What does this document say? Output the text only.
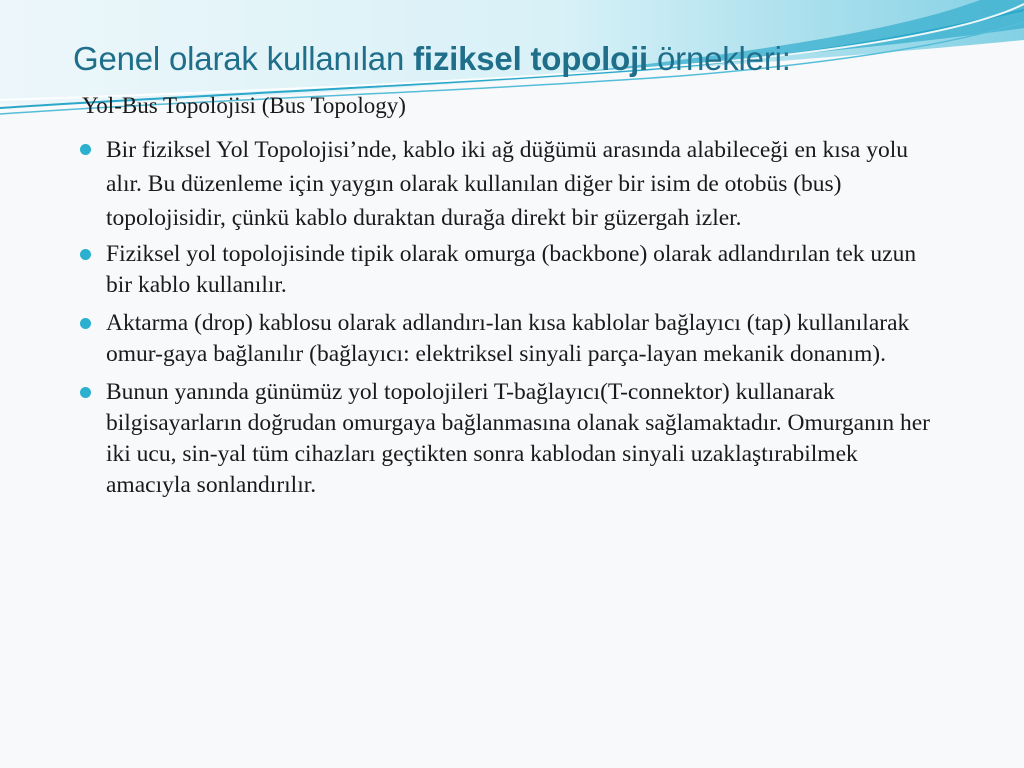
Genel olarak kullanılan fiziksel topoloji örnekleri:

Yol-Bus Topolojisi (Bus Topology)

Bir fiziksel Yol Topolojisi’nde, kablo iki ağ düğümü arasında alabileceği en kısa yolu alır. Bu düzenleme için yaygın olarak kullanılan diğer bir isim de otobüs (bus) topolojisidir, çünkü kablo duraktan durağa direkt bir güzergah izler.
Fiziksel yol topolojisinde tipik olarak omurga (backbone) olarak adlandırılan tek uzun bir kablo kullanılır.
Aktarma (drop) kablosu olarak adlandırı-lan kısa kablolar bağlayıcı (tap) kullanılarak omur-gaya bağlanılır (bağlayıcı: elektriksel sinyali parça-layan mekanik donanım).
Bunun yanında günümüz yol topolojileri T-bağlayıcı(T-connektor) kullanarak bilgisayarların doğrudan omurgaya bağlanmasına olanak sağlamaktadır. Omurganın her iki ucu, sin-yal tüm cihazları geçtikten sonra kablodan sinyali uzaklaştırabilmek amacıyla sonlandırılır.
